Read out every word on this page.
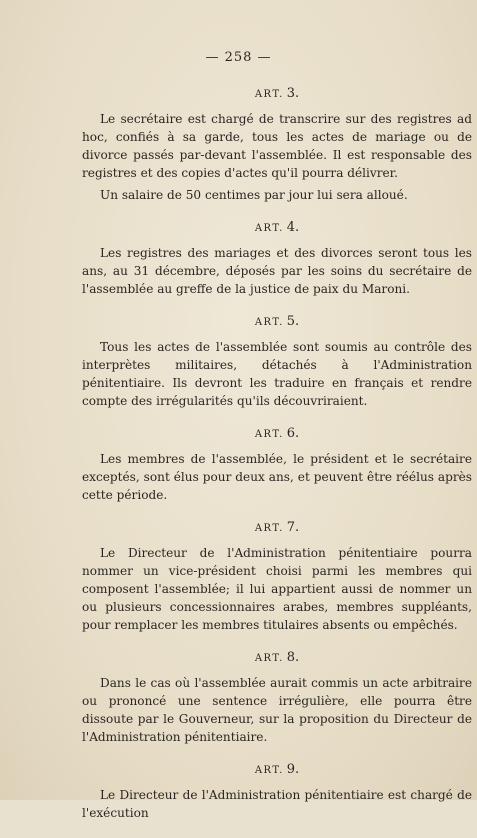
— 258 —
ART. 3.

Le secrétaire est chargé de transcrire sur des registres ad hoc, confiés à sa garde, tous les actes de mariage ou de divorce passés par-devant l'assemblée. Il est responsable des registres et des copies d'actes qu'il pourra délivrer.

Un salaire de 50 centimes par jour lui sera alloué.

ART. 4.

Les registres des mariages et des divorces seront tous les ans, au 31 décembre, déposés par les soins du secrétaire de l'assemblée au greffe de la justice de paix du Maroni.

ART. 5.

Tous les actes de l'assemblée sont soumis au contrôle des interprètes militaires, détachés à l'Administration pénitentiaire. Ils devront les traduire en français et rendre compte des irrégularités qu'ils découvriraient.

ART. 6.

Les membres de l'assemblée, le président et le secrétaire exceptés, sont élus pour deux ans, et peuvent être réélus après cette période.

ART. 7.

Le Directeur de l'Administration pénitentiaire pourra nommer un vice-président choisi parmi les membres qui composent l'assemblée; il lui appartient aussi de nommer un ou plusieurs concessionnaires arabes, membres suppléants, pour remplacer les membres titulaires absents ou empêchés.

ART. 8.

Dans le cas où l'assemblée aurait commis un acte arbitraire ou prononcé une sentence irrégulière, elle pourra être dissoute par le Gouverneur, sur la proposition du Directeur de l'Administration pénitentiaire.

ART. 9.

Le Directeur de l'Administration pénitentiaire est chargé de l'exécution
